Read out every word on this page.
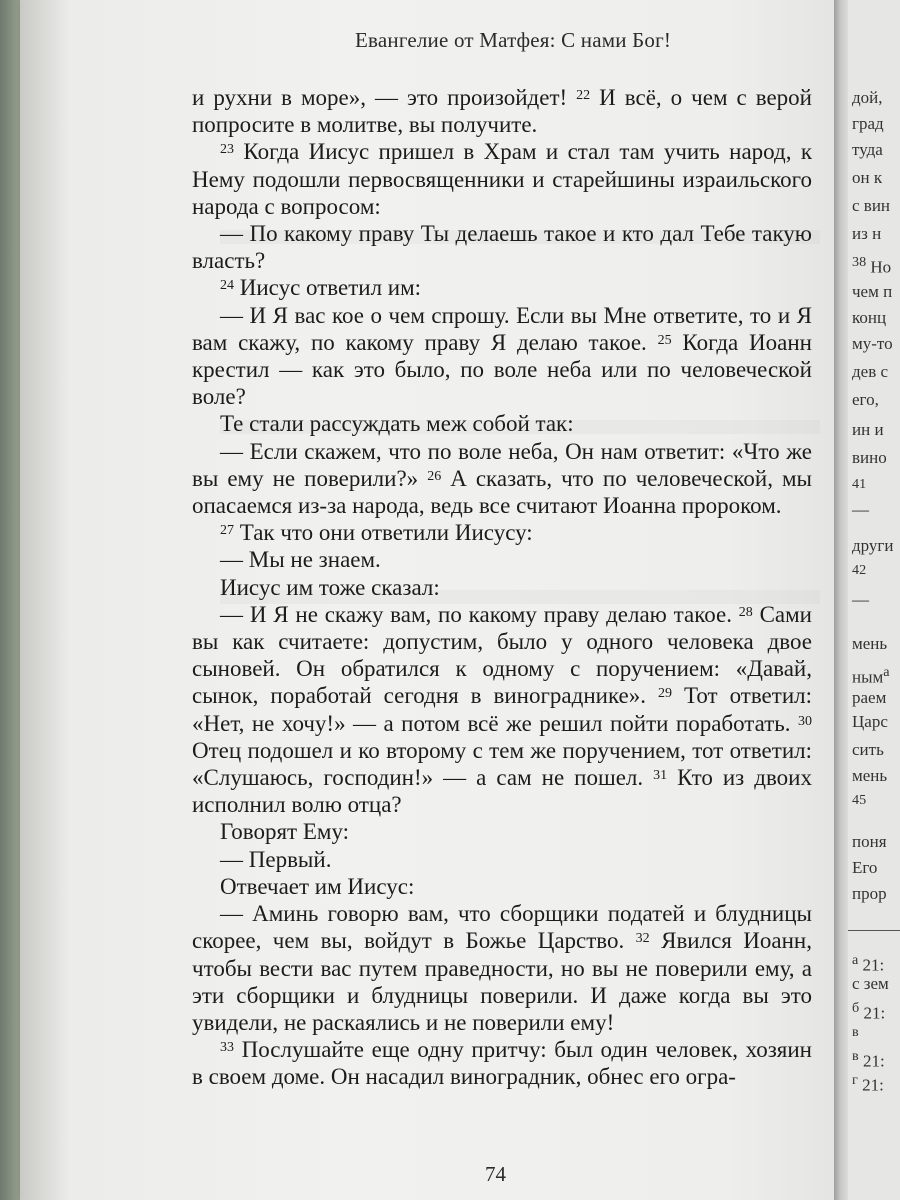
Евангелие от Матфея: С нами Бог!

и рухни в море», — это произойдет! $^{22}$ И всё, о чем с верой попросите в молитве, вы получите.

$^{23}$ Когда Иисус пришел в Храм и стал там учить народ, к Нему подошли первосвященники и старейшины израильского народа с вопросом:

— По какому праву Ты делаешь такое и кто дал Тебе такую власть?

$^{24}$ Иисус ответил им:

— И Я вас кое о чем спрошу. Если вы Мне ответите, то и Я вам скажу, по какому праву Я делаю такое. $^{25}$ Когда Иоанн крестил — как это было, по воле неба или по человеческой воле?

Те стали рассуждать меж собой так:

— Если скажем, что по воле неба, Он нам ответит: «Что же вы ему не поверили?» $^{26}$ А сказать, что по человеческой, мы опасаемся из-за народа, ведь все считают Иоанна пророком.

$^{27}$ Так что они ответили Иисусу:

— Мы не знаем.

Иисус им тоже сказал:

— И Я не скажу вам, по какому праву делаю такое. $^{28}$ Сами вы как считаете: допустим, было у одного человека двое сыновей. Он обратился к одному с поручением: «Давай, сынок, поработай сегодня в винограднике». $^{29}$ Тот ответил: «Нет, не хочу!» — а потом всё же решил пойти поработать. $^{30}$ Отец подошел и ко второму с тем же поручением, тот ответил: «Слушаюсь, господин!» — а сам не пошел. $^{31}$ Кто из двоих исполнил волю отца?

Говорят Ему:

— Первый.

Отвечает им Иисус:

— Аминь говорю вам, что сборщики податей и блудницы скорее, чем вы, войдут в Божье Царство. $^{32}$ Явился Иоанн, чтобы вести вас путем праведности, но вы не поверили ему, а эти сборщики и блудницы поверили. И даже когда вы это увидели, не раскаялись и не поверили ему!

$^{33}$ Послушайте еще одну притчу: был один человек, хозяин в своем доме. Он насадил виноградник, обнес его огра-

74
дой,
град
туда
он к
с вин
из н
$^{38}$ Но
чем п
конц
му-то
дев с
его,
ин и
вино
$^{41}$
—
други
$^{42}$
—
мень
ным$^a$
раем
Царс
сить
мень
$^{45}$
поня
Его
прор
$^a$ 21:
с зем
$^б$ 21:
$^в$
$^в$ 21:
$^г$ 21:
